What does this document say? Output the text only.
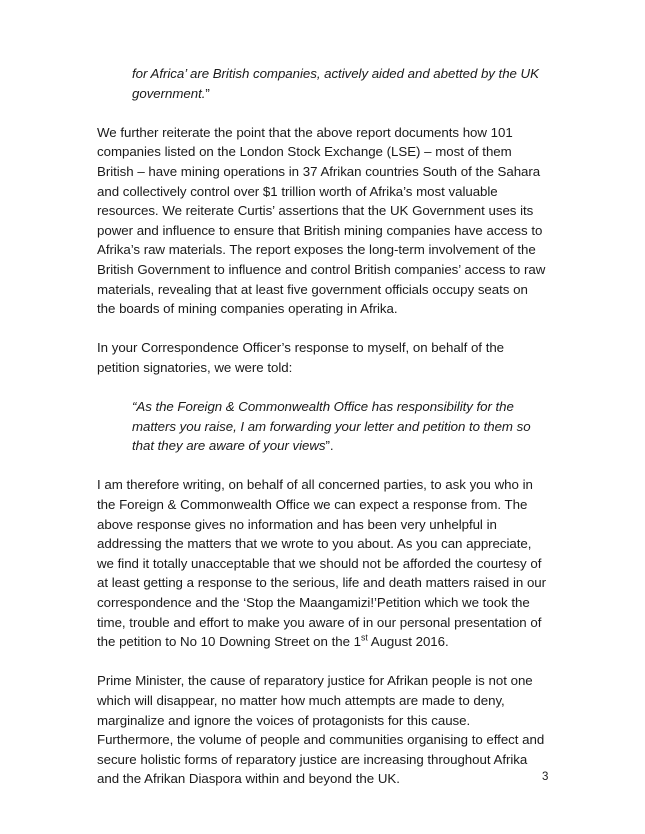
for Africa’ are British companies, actively aided and abetted by the UK government.”

We further reiterate the point that the above report documents how 101 companies listed on the London Stock Exchange (LSE) – most of them British – have mining operations in 37 Afrikan countries South of the Sahara and collectively control over $1 trillion worth of Afrika’s most valuable resources. We reiterate Curtis’ assertions that the UK Government uses its power and influence to ensure that British mining companies have access to Afrika’s raw materials. The report exposes the long-term involvement of the British Government to influence and control British companies’ access to raw materials, revealing that at least five government officials occupy seats on the boards of mining companies operating in Afrika.

In your Correspondence Officer’s response to myself, on behalf of the petition signatories, we were told:

“As the Foreign & Commonwealth Office has responsibility for the matters you raise, I am forwarding your letter and petition to them so that they are aware of your views”.

I am therefore writing, on behalf of all concerned parties, to ask you who in the Foreign & Commonwealth Office we can expect a response from. The above response gives no information and has been very unhelpful in addressing the matters that we wrote to you about. As you can appreciate, we find it totally unacceptable that we should not be afforded the courtesy of at least getting a response to the serious, life and death matters raised in our correspondence and the ‘Stop the Maangamizi!’Petition which we took the time, trouble and effort to make you aware of in our personal presentation of the petition to No 10 Downing Street on the 1st August 2016.

Prime Minister, the cause of reparatory justice for Afrikan people is not one which will disappear, no matter how much attempts are made to deny, marginalize and ignore the voices of protagonists for this cause. Furthermore, the volume of people and communities organising to effect and secure holistic forms of reparatory justice are increasing throughout Afrika and the Afrikan Diaspora within and beyond the UK.	3
